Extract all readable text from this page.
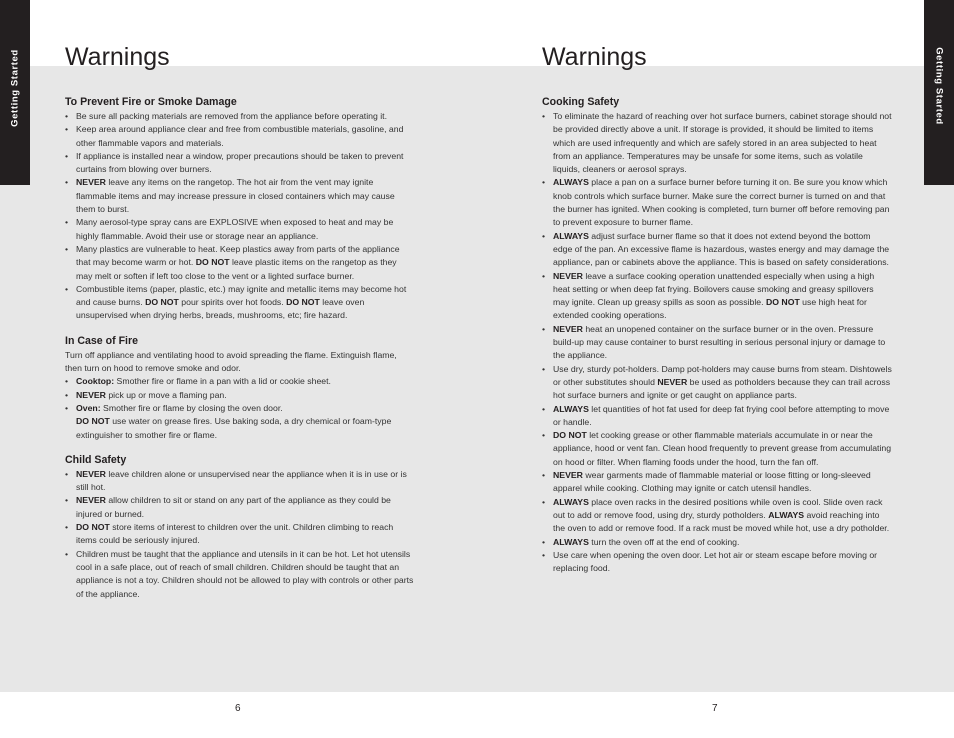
Getting Started	Getting Started
Warnings	Warnings
To Prevent Fire or Smoke Damage
• Be sure all packing materials are removed from the appliance before operating it.
• Keep area around appliance clear and free from combustible materials, gasoline, and other flammable vapors and materials.
• If appliance is installed near a window, proper precautions should be taken to prevent curtains from blowing over burners.
• NEVER leave any items on the rangetop. The hot air from the vent may ignite flammable items and may increase pressure in closed containers which may cause them to burst.
• Many aerosol-type spray cans are EXPLOSIVE when exposed to heat and may be highly flammable. Avoid their use or storage near an appliance.
• Many plastics are vulnerable to heat. Keep plastics away from parts of the appliance that may become warm or hot. DO NOT leave plastic items on the rangetop as they may melt or soften if left too close to the vent or a lighted surface burner.
• Combustible items (paper, plastic, etc.) may ignite and metallic items may become hot and cause burns. DO NOT pour spirits over hot foods. DO NOT leave oven unsupervised when drying herbs, breads, mushrooms, etc; fire hazard.
In Case of Fire
Turn off appliance and ventilating hood to avoid spreading the flame. Extinguish flame, then turn on hood to remove smoke and odor.
• Cooktop: Smother fire or flame in a pan with a lid or cookie sheet.
• NEVER pick up or move a flaming pan.
• Oven: Smother fire or flame by closing the oven door.
DO NOT use water on grease fires. Use baking soda, a dry chemical or foam-type extinguisher to smother fire or flame.
Child Safety
• NEVER leave children alone or unsupervised near the appliance when it is in use or is still hot.
• NEVER allow children to sit or stand on any part of the appliance as they could be injured or burned.
• DO NOT store items of interest to children over the unit. Children climbing to reach items could be seriously injured.
• Children must be taught that the appliance and utensils in it can be hot. Let hot utensils cool in a safe place, out of reach of small children. Children should be taught that an appliance is not a toy. Children should not be allowed to play with controls or other parts of the appliance.
Cooking Safety
• To eliminate the hazard of reaching over hot surface burners, cabinet storage should not be provided directly above a unit. If storage is provided, it should be limited to items which are used infrequently and which are safely stored in an area subjected to heat from an appliance. Temperatures may be unsafe for some items, such as volatile liquids, cleaners or aerosol sprays.
• ALWAYS place a pan on a surface burner before turning it on. Be sure you know which knob controls which surface burner. Make sure the correct burner is turned on and that the burner has ignited. When cooking is completed, turn burner off before removing pan to prevent exposure to burner flame.
• ALWAYS adjust surface burner flame so that it does not extend beyond the bottom edge of the pan. An excessive flame is hazardous, wastes energy and may damage the appliance, pan or cabinets above the appliance. This is based on safety considerations.
• NEVER leave a surface cooking operation unattended especially when using a high heat setting or when deep fat frying. Boilovers cause smoking and greasy spillovers may ignite. Clean up greasy spills as soon as possible. DO NOT use high heat for extended cooking operations.
• NEVER heat an unopened container on the surface burner or in the oven. Pressure build-up may cause container to burst resulting in serious personal injury or damage to the appliance.
• Use dry, sturdy pot-holders. Damp pot-holders may cause burns from steam. Dishtowels or other substitutes should NEVER be used as potholders because they can trail across hot surface burners and ignite or get caught on appliance parts.
• ALWAYS let quantities of hot fat used for deep fat frying cool before attempting to move or handle.
• DO NOT let cooking grease or other flammable materials accumulate in or near the appliance, hood or vent fan. Clean hood frequently to prevent grease from accumulating on hood or filter. When flaming foods under the hood, turn the fan off.
• NEVER wear garments made of flammable material or loose fitting or long-sleeved apparel while cooking. Clothing may ignite or catch utensil handles.
• ALWAYS place oven racks in the desired positions while oven is cool. Slide oven rack out to add or remove food, using dry, sturdy potholders. ALWAYS avoid reaching into the oven to add or remove food. If a rack must be moved while hot, use a dry potholder.
• ALWAYS turn the oven off at the end of cooking.
• Use care when opening the oven door. Let hot air or steam escape before moving or replacing food.
6	7
